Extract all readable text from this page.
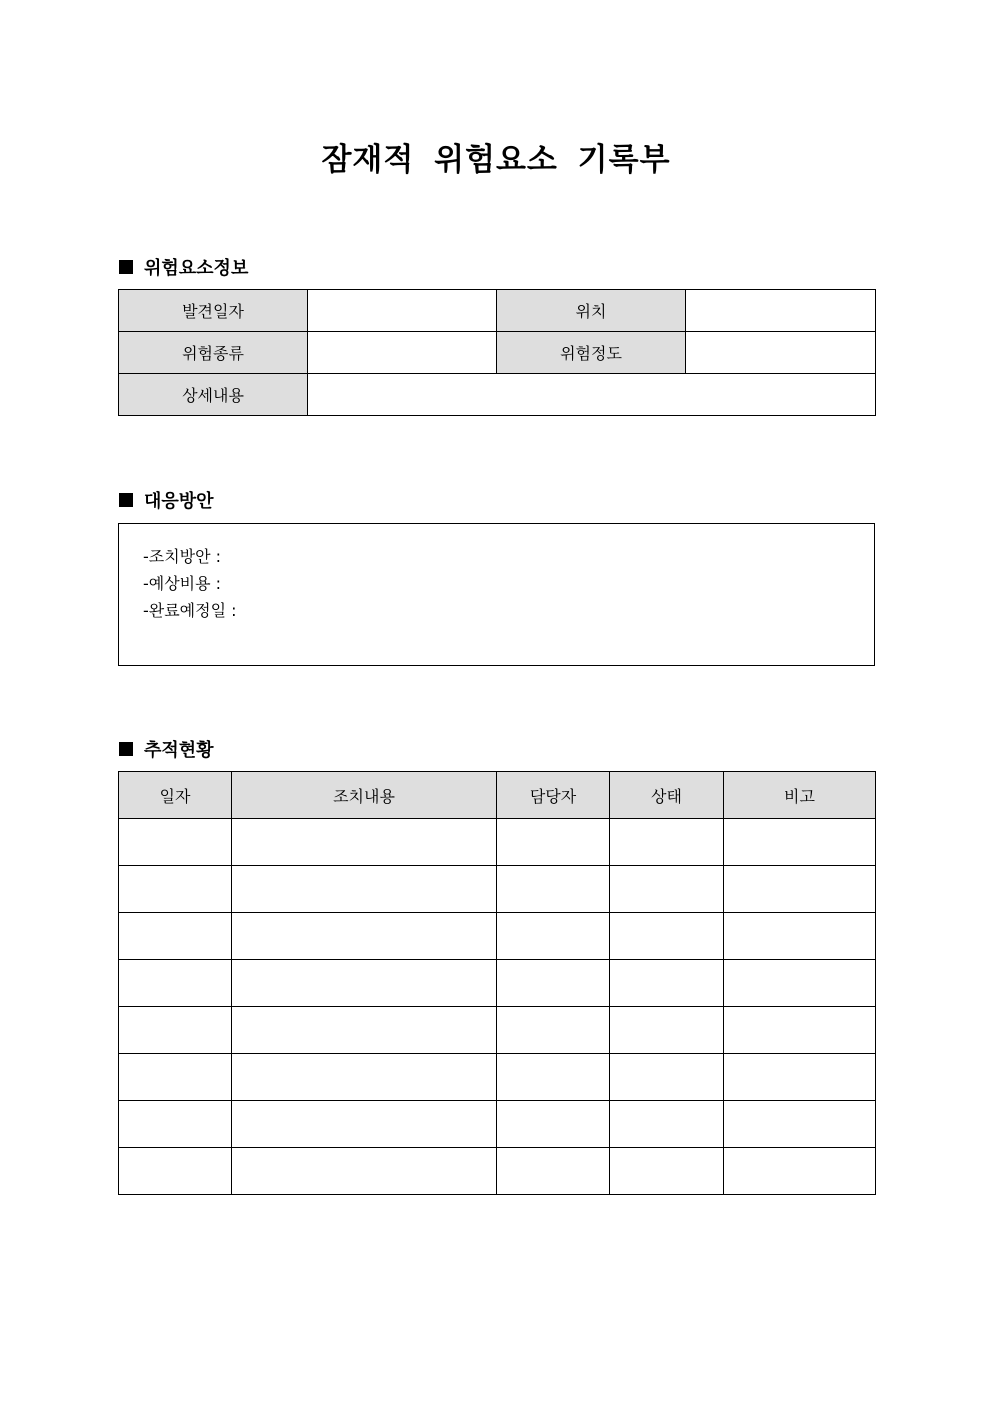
잠재적 위험요소 기록부
위험요소정보
발견일자		위치	
위험종류		위험정도	
상세내용			
대응방안
-조치방안 :
-예상비용 :
-완료예정일 :
추적현황
일자	조치내용	담당자	상태	비고
